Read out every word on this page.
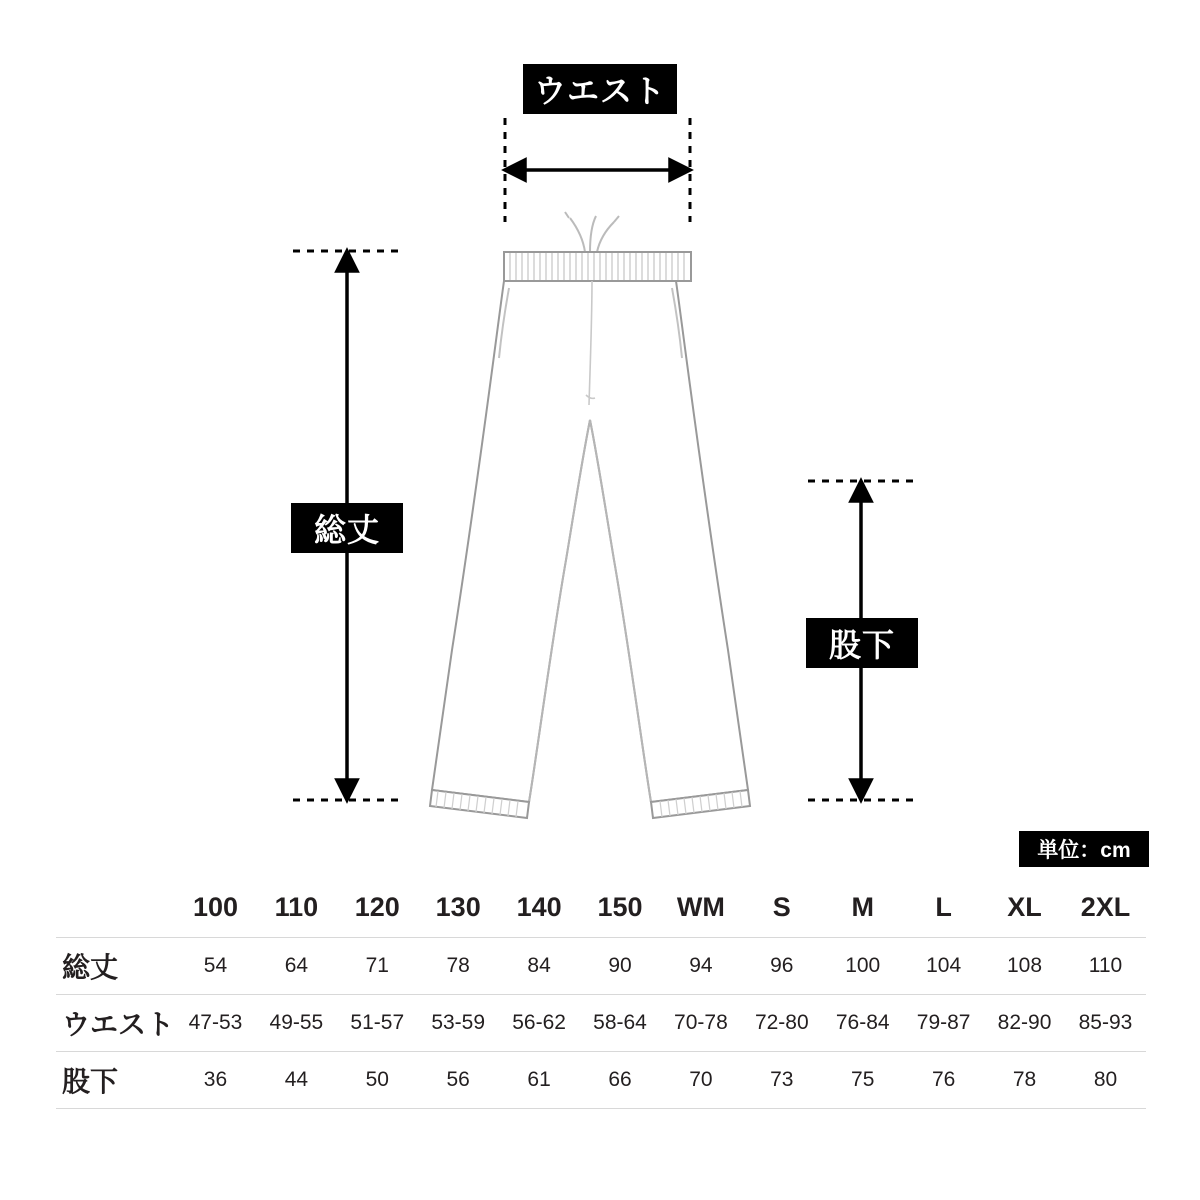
ウエスト
総丈
股下
単位：cm
	100	110	120	130	140	150	WM	S	M	L	XL	2XL
総丈	54	64	71	78	84	90	94	96	100	104	108	110
ウエスト	47-53	49-55	51-57	53-59	56-62	58-64	70-78	72-80	76-84	79-87	82-90	85-93
股下	36	44	50	56	61	66	70	73	75	76	78	80
